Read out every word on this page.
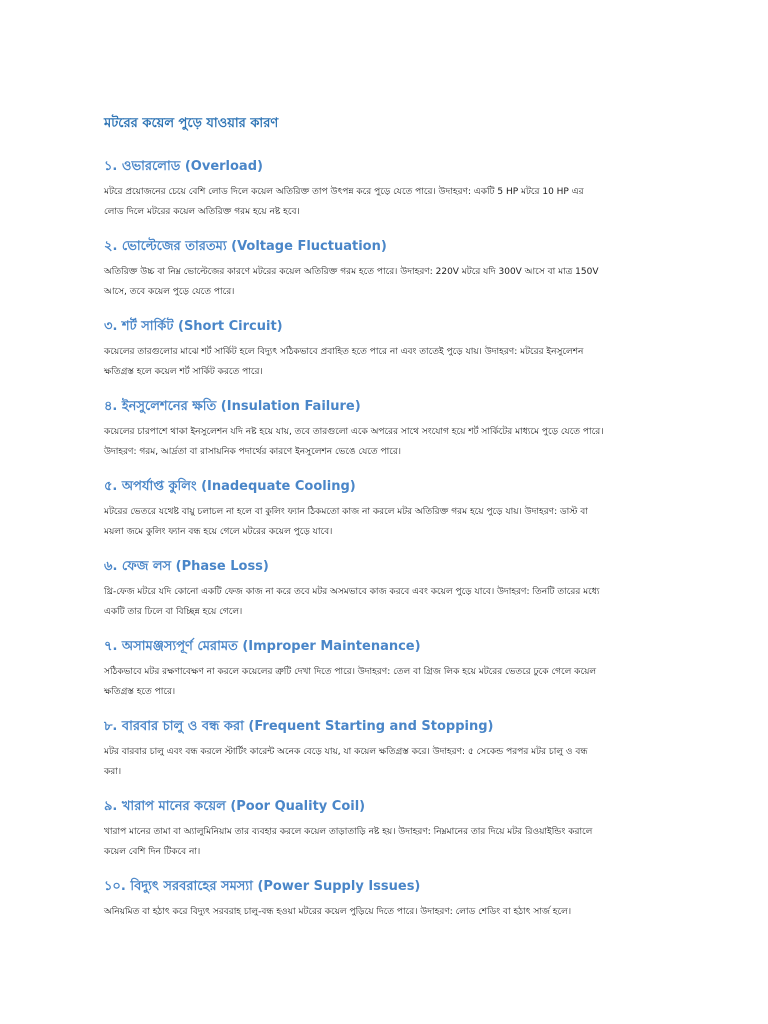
মটরের কয়েল পুড়ে যাওয়ার কারণ
১. ওভারলোড (Overload)
মটরে প্রয়োজনের চেয়ে বেশি লোড দিলে কয়েল অতিরিক্ত তাপ উৎপন্ন করে পুড়ে যেতে পারে। উদাহরণ: একটি 5 HP মটরে 10 HP এর লোড দিলে মটরের কয়েল অতিরিক্ত গরম হয়ে নষ্ট হবে।
২. ভোল্টেজের তারতম্য (Voltage Fluctuation)
অতিরিক্ত উচ্চ বা নিম্ন ভোল্টেজের কারণে মটরের কয়েল অতিরিক্ত গরম হতে পারে। উদাহরণ: 220V মটরে যদি 300V আসে বা মাত্র 150V আসে, তবে কয়েল পুড়ে যেতে পারে।
৩. শর্ট সার্কিট (Short Circuit)
কয়েলের তারগুলোর মাঝে শর্ট সার্কিট হলে বিদ্যুৎ সঠিকভাবে প্রবাহিত হতে পারে না এবং তাতেই পুড়ে যায়। উদাহরণ: মটরের ইনসুলেশন ক্ষতিগ্রস্ত হলে কয়েল শর্ট সার্কিট করতে পারে।
৪. ইনসুলেশনের ক্ষতি (Insulation Failure)
কয়েলের চারপাশে থাকা ইনসুলেশন যদি নষ্ট হয়ে যায়, তবে তারগুলো একে অপরের সাথে সংযোগ হয়ে শর্ট সার্কিটের মাধ্যমে পুড়ে যেতে পারে। উদাহরণ: গরম, আর্দ্রতা বা রাসায়নিক পদার্থের কারণে ইনসুলেশন ভেঙে যেতে পারে।
৫. অপর্যাপ্ত কুলিং (Inadequate Cooling)
মটরের ভেতরে যথেষ্ট বায়ু চলাচল না হলে বা কুলিং ফ্যান ঠিকমতো কাজ না করলে মটর অতিরিক্ত গরম হয়ে পুড়ে যায়। উদাহরণ: ডাস্ট বা ময়লা জমে কুলিং ফ্যান বন্ধ হয়ে গেলে মটরের কয়েল পুড়ে যাবে।
৬. ফেজ লস (Phase Loss)
থ্রি-ফেজ মটরে যদি কোনো একটি ফেজ কাজ না করে তবে মটর অসমভাবে কাজ করবে এবং কয়েল পুড়ে যাবে। উদাহরণ: তিনটি তারের মধ্যে একটি তার ঢিলে বা বিচ্ছিন্ন হয়ে গেলে।
৭. অসামঞ্জস্যপূর্ণ মেরামত (Improper Maintenance)
সঠিকভাবে মটর রক্ষণাবেক্ষণ না করলে কয়েলের ত্রুটি দেখা দিতে পারে। উদাহরণ: তেল বা গ্রিজ লিক হয়ে মটরের ভেতরে ঢুকে গেলে কয়েল ক্ষতিগ্রস্ত হতে পারে।
৮. বারবার চালু ও বন্ধ করা (Frequent Starting and Stopping)
মটর বারবার চালু এবং বন্ধ করলে স্টার্টিং কারেন্ট অনেক বেড়ে যায়, যা কয়েল ক্ষতিগ্রস্ত করে। উদাহরণ: ৫ সেকেন্ড পরপর মটর চালু ও বন্ধ করা।
৯. খারাপ মানের কয়েল (Poor Quality Coil)
খারাপ মানের তামা বা অ্যালুমিনিয়াম তার ব্যবহার করলে কয়েল তাড়াতাড়ি নষ্ট হয়। উদাহরণ: নিম্নমানের তার দিয়ে মটর রিওয়াইন্ডিং করালে কয়েল বেশি দিন টিকবে না।
১০. বিদ্যুৎ সরবরাহের সমস্যা (Power Supply Issues)
অনিয়মিত বা হঠাৎ করে বিদ্যুৎ সরবরাহ চালু-বন্ধ হওয়া মটরের কয়েল পুড়িয়ে দিতে পারে। উদাহরণ: লোড শেডিং বা হঠাৎ সার্জ হলে।
